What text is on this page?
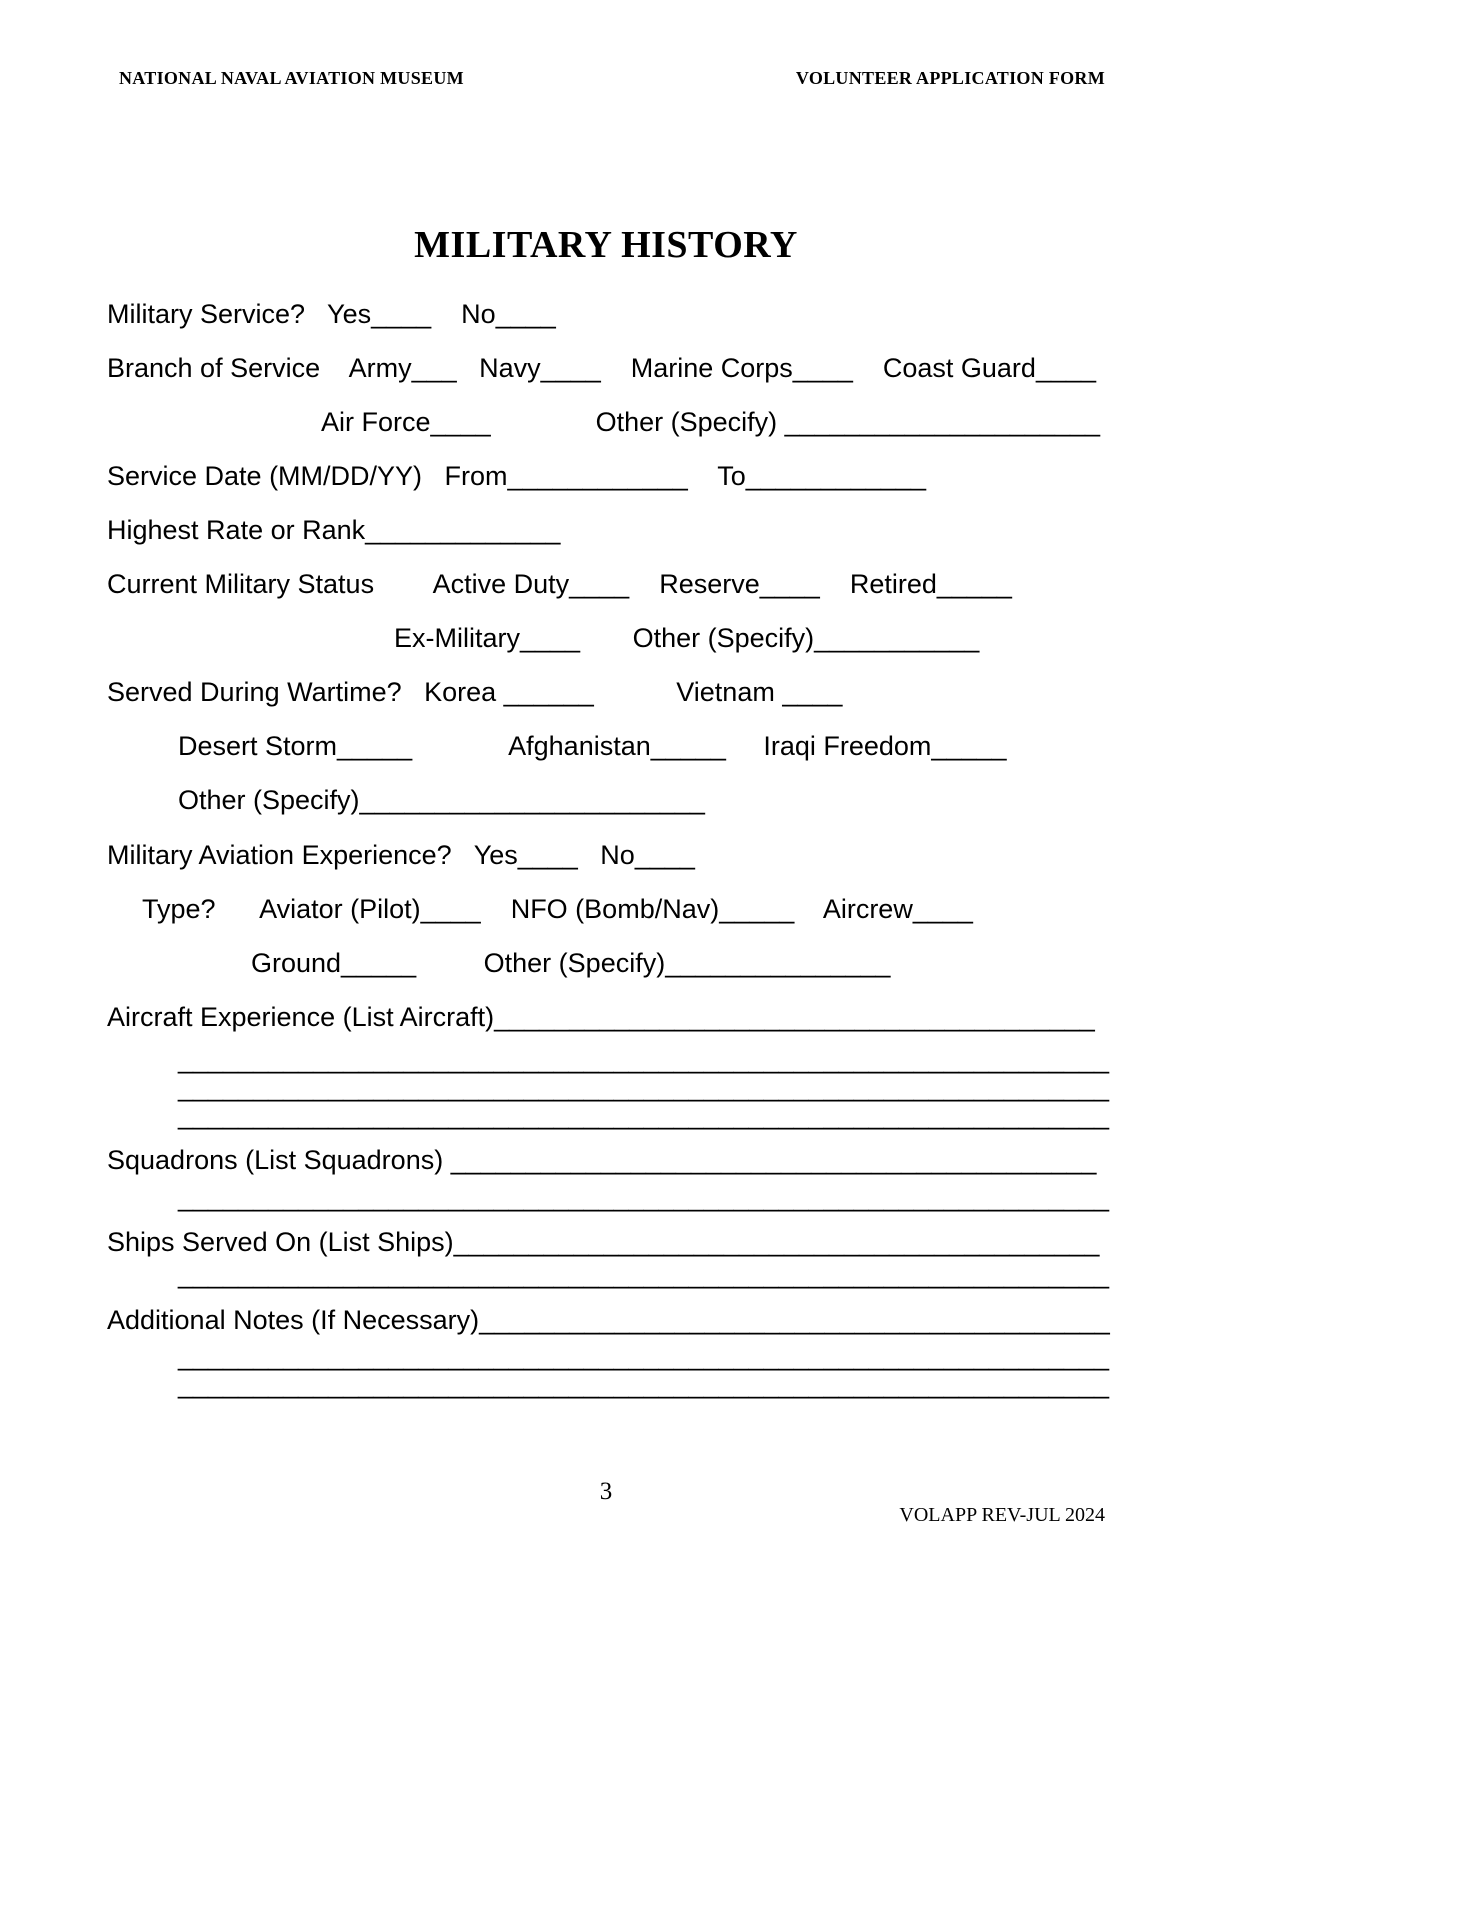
NATIONAL NAVAL AVIATION MUSEUM	VOLUNTEER APPLICATION FORM
MILITARY HISTORY
Military Service?   Yes____    No____
Branch of Service    Army___   Navy____    Marine Corps____    Coast Guard____
Air Force____              Other (Specify) _____________________
Service Date (MM/DD/YY)   From____________    To____________
Highest Rate or Rank_____________
Current Military Status        Active Duty____    Reserve____    Retired_____
Ex-Military____       Other (Specify)___________
Served During Wartime?   Korea ______           Vietnam ____
Desert Storm_____             Afghanistan_____     Iraqi Freedom_____
Other (Specify)_______________________
Military Aviation Experience?   Yes____   No____
Type?      Aviator (Pilot)____    NFO (Bomb/Nav)_____    Aircrew____
Ground_____         Other (Specify)_______________
Aircraft Experience (List Aircraft)________________________________________
______________________________________________________________
______________________________________________________________
______________________________________________________________
Squadrons (List Squadrons) ___________________________________________
______________________________________________________________
Ships Served On (List Ships)___________________________________________
______________________________________________________________
Additional Notes (If Necessary)__________________________________________
______________________________________________________________
______________________________________________________________
3
VOLAPP REV-JUL 2024
